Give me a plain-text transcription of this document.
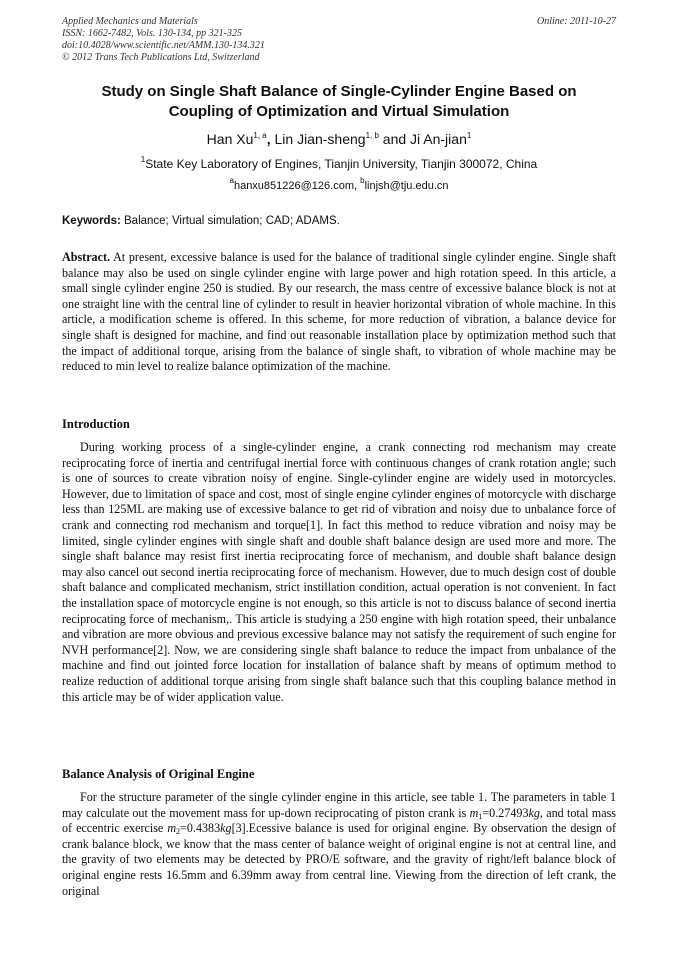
Applied Mechanics and Materials
ISSN: 1662-7482, Vols. 130-134, pp 321-325
doi:10.4028/www.scientific.net/AMM.130-134.321
© 2012 Trans Tech Publications Ltd, Switzerland
Online: 2011-10-27
Study on Single Shaft Balance of Single-Cylinder Engine Based on
Coupling of Optimization and Virtual Simulation
Han Xu$^{1, a}$, Lin Jian-sheng$^{1, b}$ and Ji An-jian$^1$
$^1$State Key Laboratory of Engines, Tianjin University, Tianjin 300072, China
$^a$hanxu851226@126.com, $^b$linjsh@tju.edu.cn
Keywords: Balance; Virtual simulation; CAD; ADAMS.
Abstract. At present, excessive balance is used for the balance of traditional single cylinder engine. Single shaft balance may also be used on single cylinder engine with large power and high rotation speed. In this article, a small single cylinder engine 250 is studied. By our research, the mass centre of excessive balance block is not at one straight line with the central line of cylinder to result in heavier horizontal vibration of whole machine. In this article, a modification scheme is offered. In this scheme, for more reduction of vibration, a balance device for single shaft is designed for machine, and find out reasonable installation place by optimization method such that the impact of additional torque, arising from the balance of single shaft, to vibration of whole machine may be reduced to min level to realize balance optimization of the machine.
Introduction
During working process of a single-cylinder engine, a crank connecting rod mechanism may create reciprocating force of inertia and centrifugal inertial force with continuous changes of crank rotation angle; such is one of sources to create vibration noisy of engine. Single-cylinder engine are widely used in motorcycles. However, due to limitation of space and cost, most of single engine cylinder engines of motorcycle with discharge less than 125ML are making use of excessive balance to get rid of vibration and noisy due to unbalance force of crank and connecting rod mechanism and torque[1]. In fact this method to reduce vibration and noisy may be limited, single cylinder engines with single shaft and double shaft balance design are used more and more. The single shaft balance may resist first inertia reciprocating force of mechanism, and double shaft balance design may also cancel out second inertia reciprocating force of mechanism. However, due to much design cost of double shaft balance and complicated mechanism, strict instillation condition, actual operation is not convenient. In fact the installation space of motorcycle engine is not enough, so this article is not to discuss balance of second inertia reciprocating force of mechanism,. This article is studying a 250 engine with high rotation speed, their unbalance and vibration are more obvious and previous excessive balance may not satisfy the requirement of such engine for NVH performance[2]. Now, we are considering single shaft balance to reduce the impact from unbalance of the machine and find out jointed force location for installation of balance shaft by means of optimum method to realize reduction of additional torque arising from single shaft balance such that this coupling balance method in this article may be of wider application value.
Balance Analysis of Original Engine
For the structure parameter of the single cylinder engine in this article, see table 1. The parameters in table 1 may calculate out the movement mass for up-down reciprocating of piston crank is $m_1=0.27493kg$, and total mass of eccentric exercise $m_2=0.4383kg[3].Ecessive$ balance is used for original engine. By observation the design of crank balance block, we know that the mass center of balance weight of original engine is not at central line, and the gravity of two elements may be detected by PRO/E software, and the gravity of right/left balance block of original engine rests 16.5mm and 6.39mm away from central line. Viewing from the direction of left crank, the original
